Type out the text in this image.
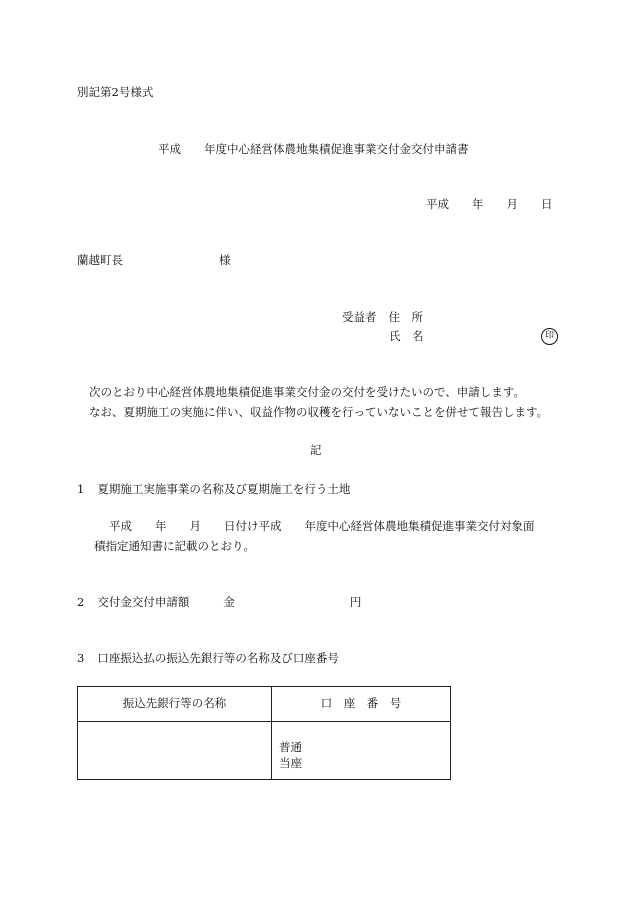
別記第2号様式
平成 年度中心経営体農地集積促進事業交付金交付申請書
平成 年 月 日
蘭越町長	様
受益者 住　所
氏　名	印
次のとおり中心経営体農地集積促進事業交付金の交付を受けたいので、申請します。
なお、夏期施工の実施に伴い、収益作物の収穫を行っていないことを併せて報告します。
記
1 夏期施工実施事業の名称及び夏期施工を行う土地
平成 年 月 日付け平成 年度中心経営体農地集積促進事業交付対象面
積指定通知書に記載のとおり。
2 交付金交付申請額	金	円
3 口座振込払の振込先銀行等の名称及び口座番号
振込先銀行等の名称	口　座　番　号

	普通
当座
